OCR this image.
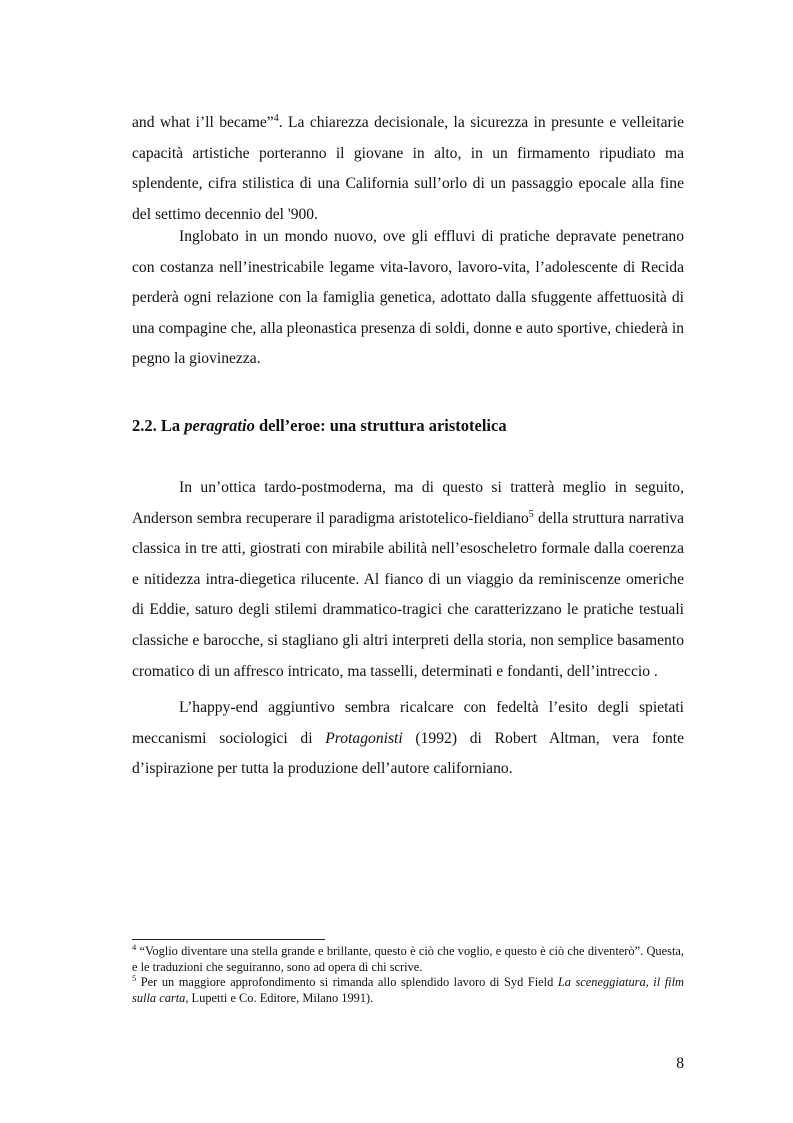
and what i’ll became”$^4$. La chiarezza decisionale, la sicurezza in presunte e velleitarie capacità artistiche porteranno il giovane in alto, in un firmamento ripudiato ma splendente, cifra stilistica di una California sull’orlo di un passaggio epocale alla fine del settimo decennio del '900.

Inglobato in un mondo nuovo, ove gli effluvi di pratiche depravate penetrano con costanza nell’inestricabile legame vita-lavoro, lavoro-vita, l’adolescente di Recida perderà ogni relazione con la famiglia genetica, adottato dalla sfuggente affettuosità di una compagine che, alla pleonastica presenza di soldi, donne e auto sportive, chiederà in pegno la giovinezza.

2.2. La peragratio dell’eroe: una struttura aristotelica

In un’ottica tardo-postmoderna, ma di questo si tratterà meglio in seguito, Anderson sembra recuperare il paradigma aristotelico-fieldiano$^5$ della struttura narrativa classica in tre atti, giostrati con mirabile abilità nell’esoscheletro formale dalla coerenza e nitidezza intra-diegetica rilucente. Al fianco di un viaggio da reminiscenze omeriche di Eddie, saturo degli stilemi drammatico-tragici che caratterizzano le pratiche testuali classiche e barocche, si stagliano gli altri interpreti della storia, non semplice basamento cromatico di un affresco intricato, ma tasselli, determinati e fondanti, dell’intreccio .

L’happy-end aggiuntivo sembra ricalcare con fedeltà l’esito degli spietati meccanismi sociologici di Protagonisti (1992) di Robert Altman, vera fonte d’ispirazione per tutta la produzione dell’autore californiano.

$^4$ “Voglio diventare una stella grande e brillante, questo è ciò che voglio, e questo è ciò che diventerò”. Questa, e le traduzioni che seguiranno, sono ad opera di chi scrive.

$^5$ Per un maggiore approfondimento si rimanda allo splendido lavoro di Syd Field La sceneggiatura, il film sulla carta, Lupetti e Co. Editore, Milano 1991).

8
